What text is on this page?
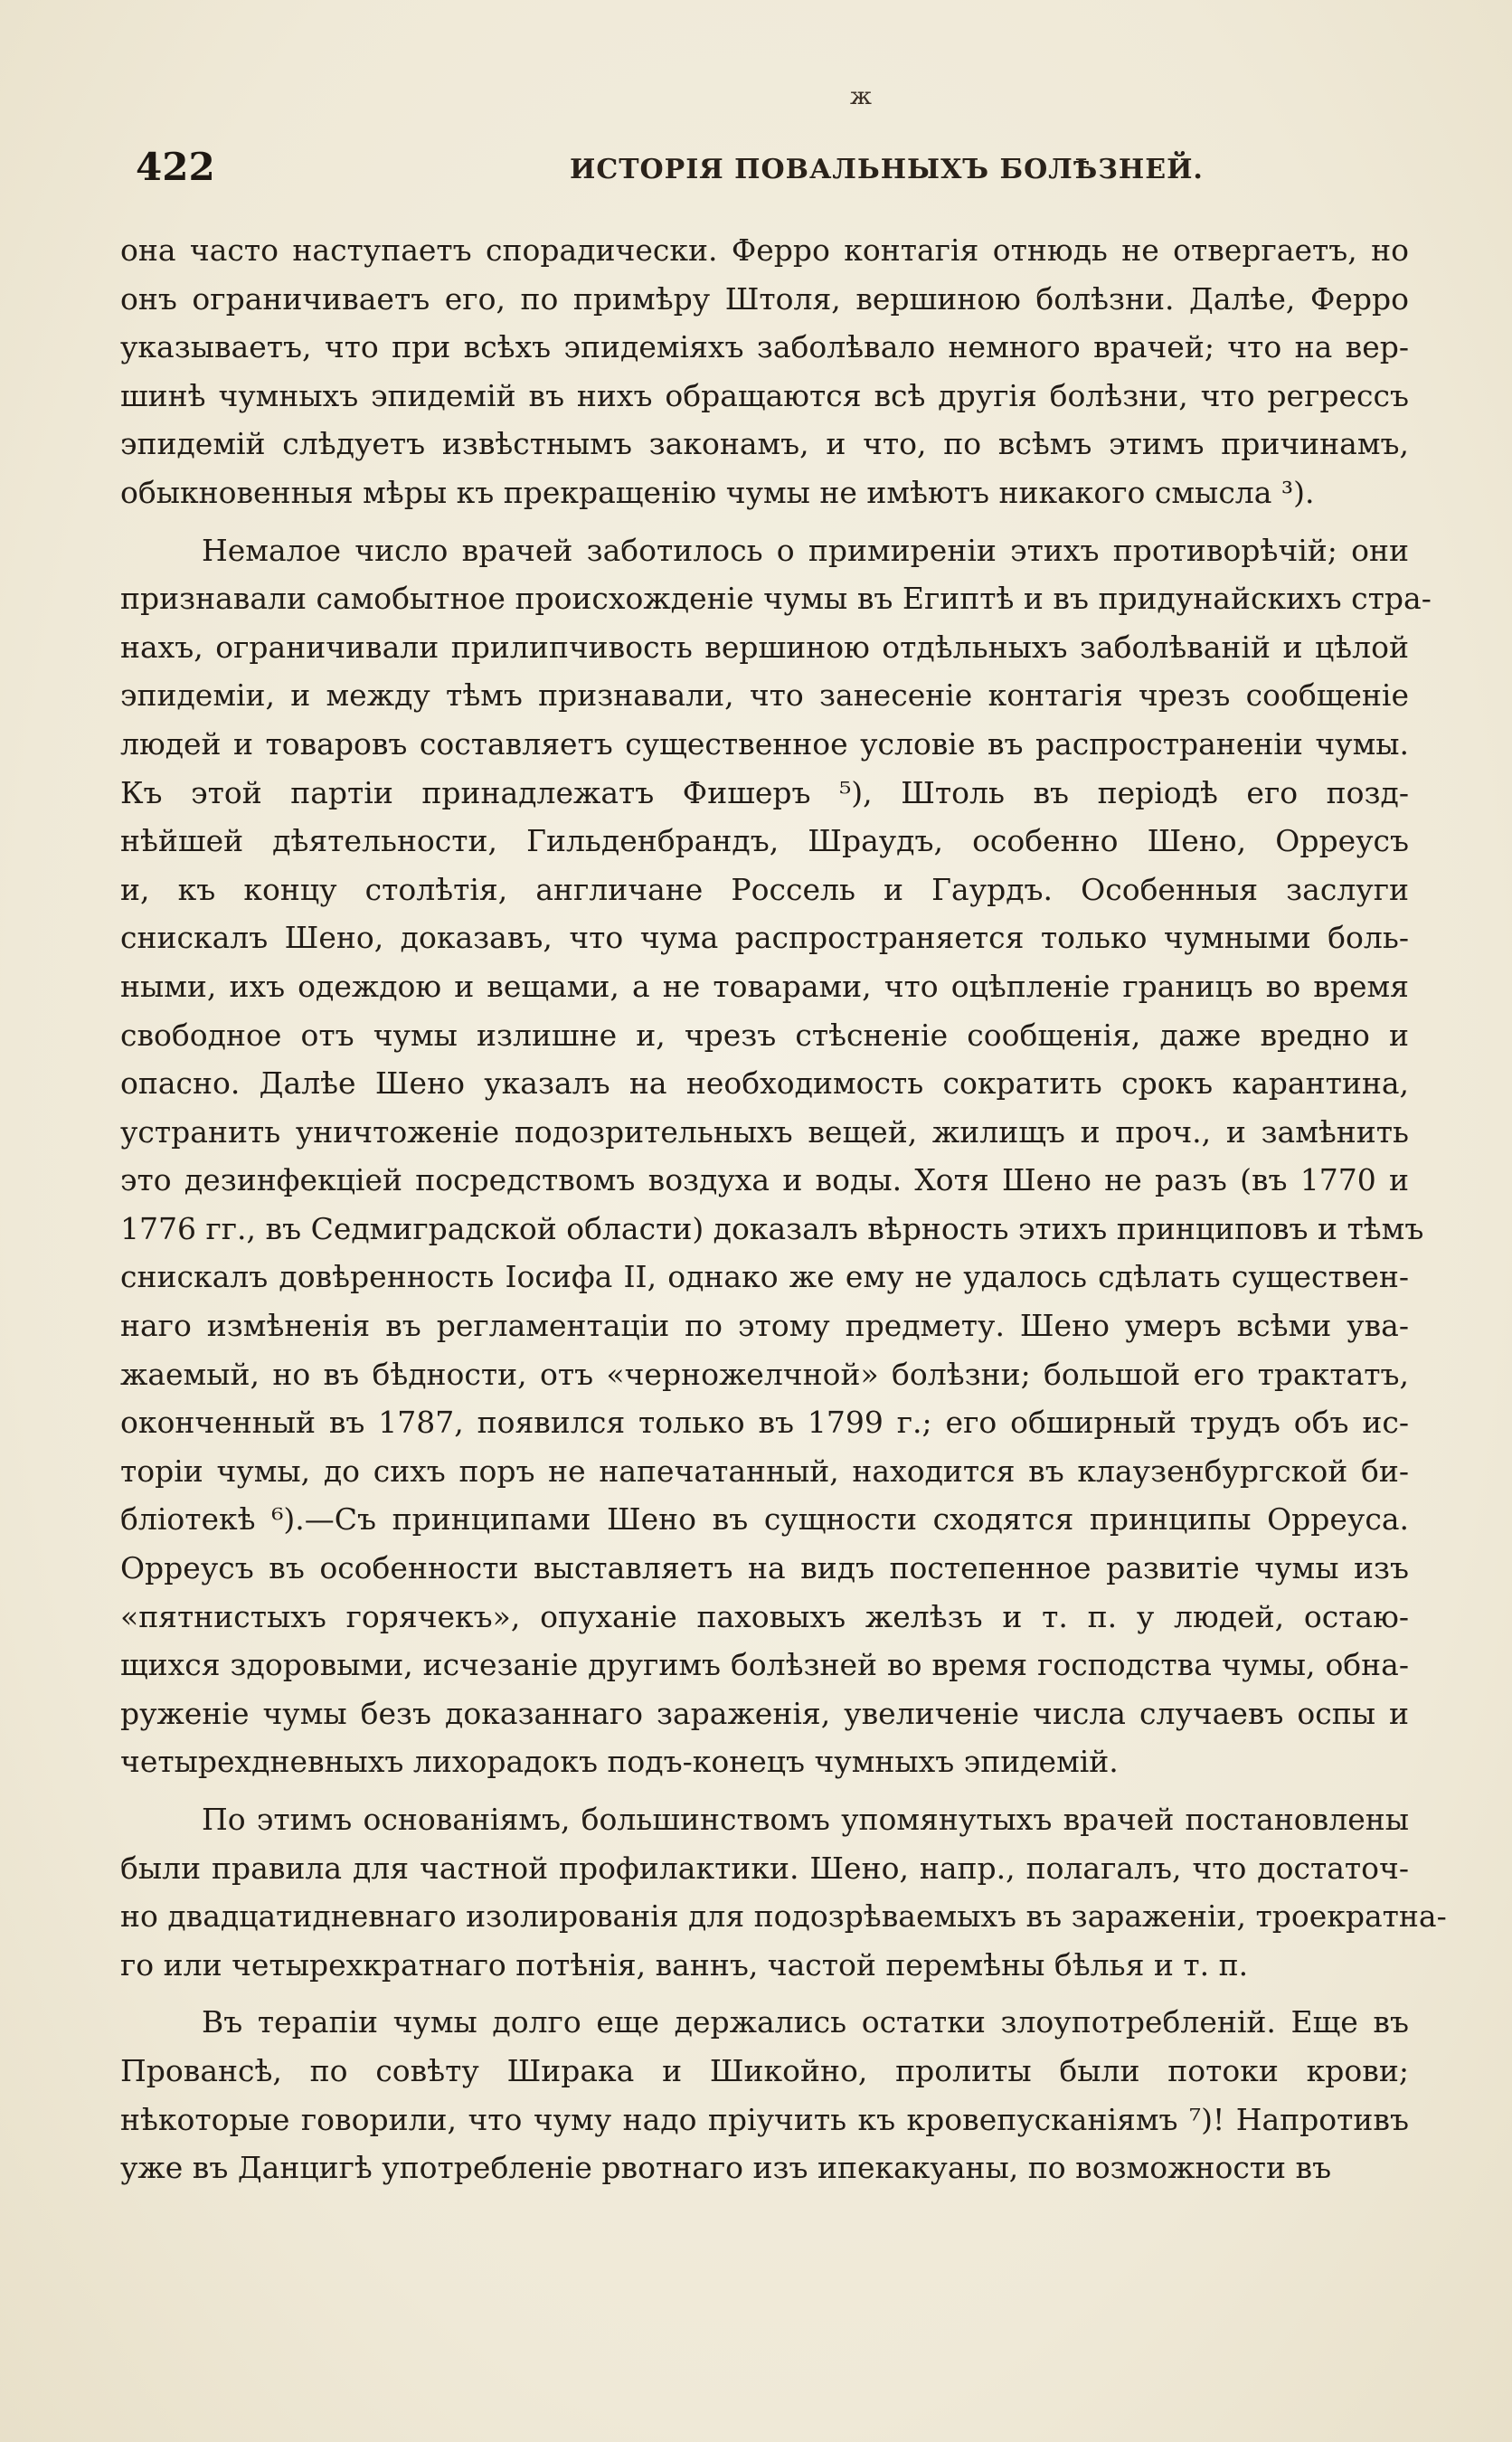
ж
422	ИСТОРІЯ ПОВАЛЬНЫХЪ БОЛѢЗНЕЙ.
она часто наступаетъ спорадически. Ферро контагія отнюдь не отвергаетъ, но
онъ ограничиваетъ его, по примѣру Штоля, вершиною болѣзни. Далѣе, Ферро
указываетъ, что при всѣхъ эпидеміяхъ заболѣвало немного врачей; что на вер-
шинѣ чумныхъ эпидемій въ нихъ обращаются всѣ другія болѣзни, что регрессъ
эпидемій слѣдуетъ извѣстнымъ законамъ, и что, по всѣмъ этимъ причинамъ,
обыкновенныя мѣры къ прекращенію чумы не имѣютъ никакого смысла ³).
Немалое число врачей заботилось о примиреніи этихъ противорѣчій; они
признавали самобытное происхожденіе чумы въ Египтѣ и въ придунайскихъ стра-
нахъ, ограничивали прилипчивость вершиною отдѣльныхъ заболѣваній и цѣлой
эпидеміи, и между тѣмъ признавали, что занесеніе контагія чрезъ сообщеніе
людей и товаровъ составляетъ существенное условіе въ распространеніи чумы.
Къ этой партіи принадлежатъ Фишеръ ⁵), Штоль въ періодѣ его позд-
нѣйшей дѣятельности, Гильденбрандъ, Шраудъ, особенно Шено, Орреусъ
и, къ концу столѣтія, англичане Россель и Гаурдъ. Особенныя заслуги
снискалъ Шено, доказавъ, что чума распространяется только чумными боль-
ными, ихъ одеждою и вещами, а не товарами, что оцѣпленіе границъ во время
свободное отъ чумы излишне и, чрезъ стѣсненіе сообщенія, даже вредно и
опасно. Далѣе Шено указалъ на необходимость сократить срокъ карантина,
устранить уничтоженіе подозрительныхъ вещей, жилищъ и проч., и замѣнить
это дезинфекціей посредствомъ воздуха и воды. Хотя Шено не разъ (въ 1770 и
1776 гг., въ Седмиградской области) доказалъ вѣрность этихъ принциповъ и тѣмъ
снискалъ довѣренность Іосифа II, однако же ему не удалось сдѣлать существен-
наго измѣненія въ регламентаціи по этому предмету. Шено умеръ всѣми ува-
жаемый, но въ бѣдности, отъ «черножелчной» болѣзни; большой его трактатъ,
оконченный въ 1787, появился только въ 1799 г.; его обширный трудъ объ ис-
торіи чумы, до сихъ поръ не напечатанный, находится въ клаузенбургской би-
бліотекѣ ⁶).—Съ принципами Шено въ сущности сходятся принципы Орреуса.
Орреусъ въ особенности выставляетъ на видъ постепенное развитіе чумы изъ
«пятнистыхъ горячекъ», опуханіе паховыхъ желѣзъ и т. п. у людей, остаю-
щихся здоровыми, исчезаніе другимъ болѣзней во время господства чумы, обна-
руженіе чумы безъ доказаннаго зараженія, увеличеніе числа случаевъ оспы и
четырехдневныхъ лихорадокъ подъ-конецъ чумныхъ эпидемій.
По этимъ основаніямъ, большинствомъ упомянутыхъ врачей постановлены
были правила для частной профилактики. Шено, напр., полагалъ, что достаточ-
но двадцатидневнаго изолированія для подозрѣваемыхъ въ зараженіи, троекратна-
го или четырехкратнаго потѣнія, ваннъ, частой перемѣны бѣлья и т. п.
Въ терапіи чумы долго еще держались остатки злоупотребленій. Еще въ
Провансѣ, по совѣту Ширака и Шикойно, пролиты были потоки крови;
нѣкоторые говорили, что чуму надо пріучить къ кровепусканіямъ ⁷)! Напротивъ
уже въ Данцигѣ употребленіе рвотнаго изъ ипекакуаны, по возможности въ
